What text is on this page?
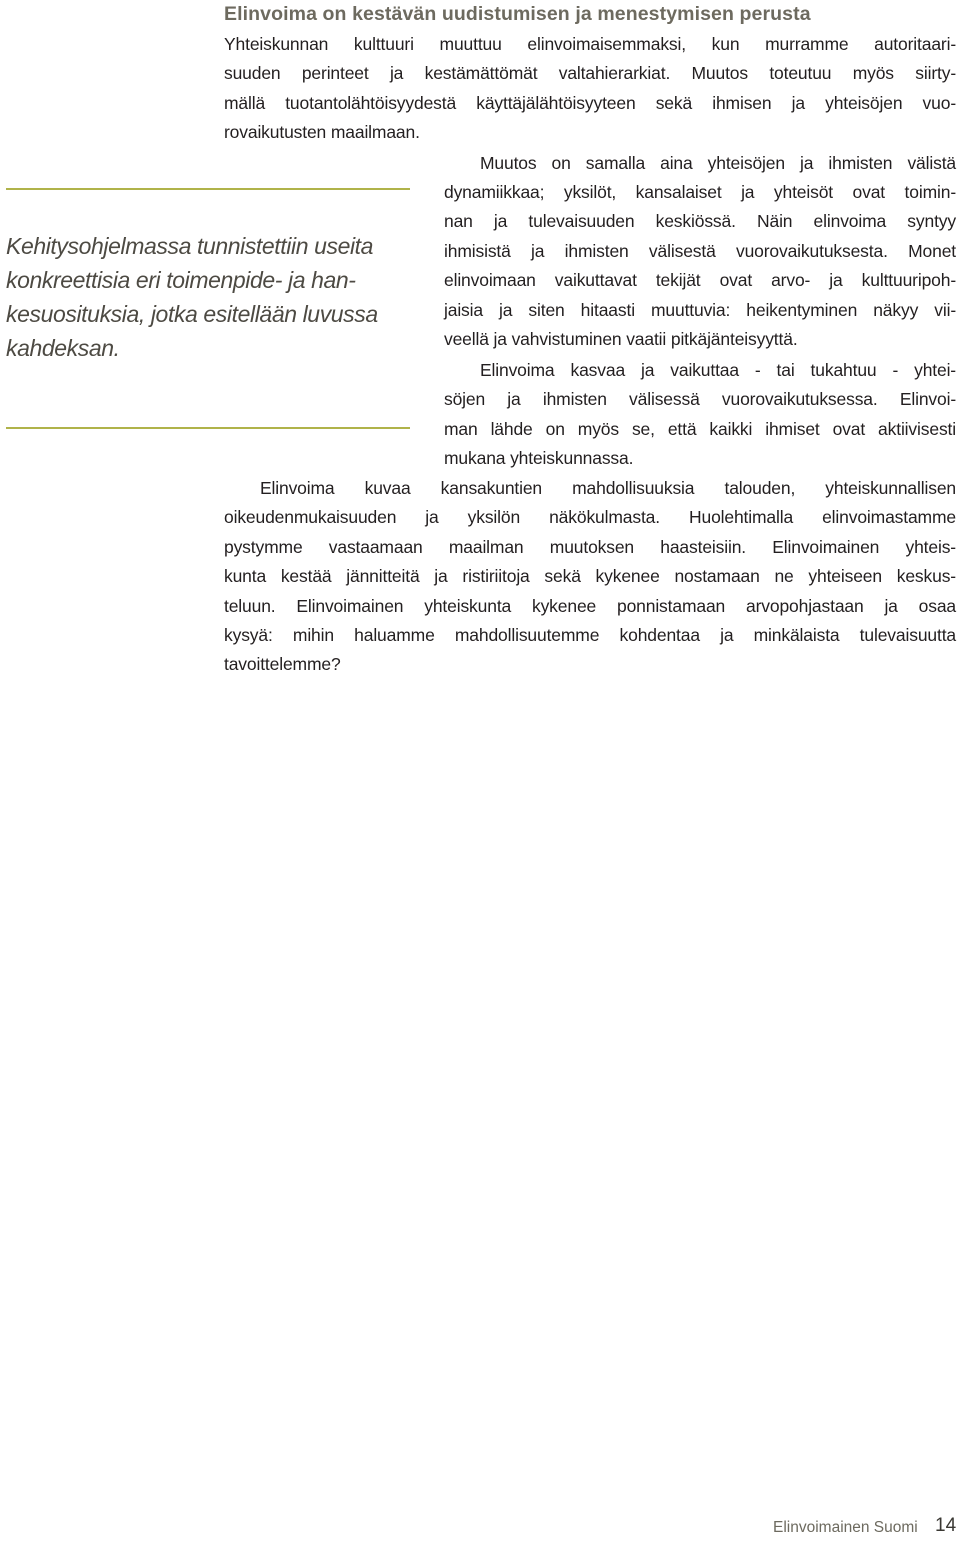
Elinvoima on kestävän uudistumisen ja menestymisen perusta
Yhteiskunnan kulttuuri muuttuu elinvoimaisemmaksi, kun murramme autoritaari-
suuden perinteet ja kestämättömät valtahierarkiat. Muutos toteutuu myös siirty-
mällä tuotantolähtöisyydestä käyttäjälähtöisyyteen sekä ihmisen ja yhteisöjen vuo-
rovaikutusten maailmaan.
Muutos on samalla aina yhteisöjen ja ihmisten välistä
dynamiikkaa; yksilöt, kansalaiset ja yhteisöt ovat toimin-
nan ja tulevaisuuden keskiössä. Näin elinvoima syntyy
ihmisistä ja ihmisten välisestä vuorovaikutuksesta. Monet
elinvoimaan vaikuttavat tekijät ovat arvo- ja kulttuuripoh-
jaisia ja siten hitaasti muuttuvia: heikentyminen näkyy vii-
veellä ja vahvistuminen vaatii pitkäjänteisyyttä.
Elinvoima kasvaa ja vaikuttaa - tai tukahtuu - yhtei-
söjen ja ihmisten välisessä vuorovaikutuksessa. Elinvoi-
man lähde on myös se, että kaikki ihmiset ovat aktiivisesti
mukana yhteiskunnassa.
Elinvoima kuvaa kansakuntien mahdollisuuksia talouden, yhteiskunnallisen
oikeudenmukaisuuden ja yksilön näkökulmasta. Huolehtimalla elinvoimastamme
pystymme vastaamaan maailman muutoksen haasteisiin. Elinvoimainen yhteis-
kunta kestää jännitteitä ja ristiriitoja sekä kykenee nostamaan ne yhteiseen keskus-
teluun. Elinvoimainen yhteiskunta kykenee ponnistamaan arvopohjastaan ja osaa
kysyä: mihin haluamme mahdollisuutemme kohdentaa ja minkälaista tulevaisuutta
tavoittelemme?
Kehitysohjelmassa tunnistettiin useita
konkreettisia eri toimenpide- ja han-
kesuosituksia, jotka esitellään luvussa
kahdeksan.
Elinvoimainen Suomi 14
